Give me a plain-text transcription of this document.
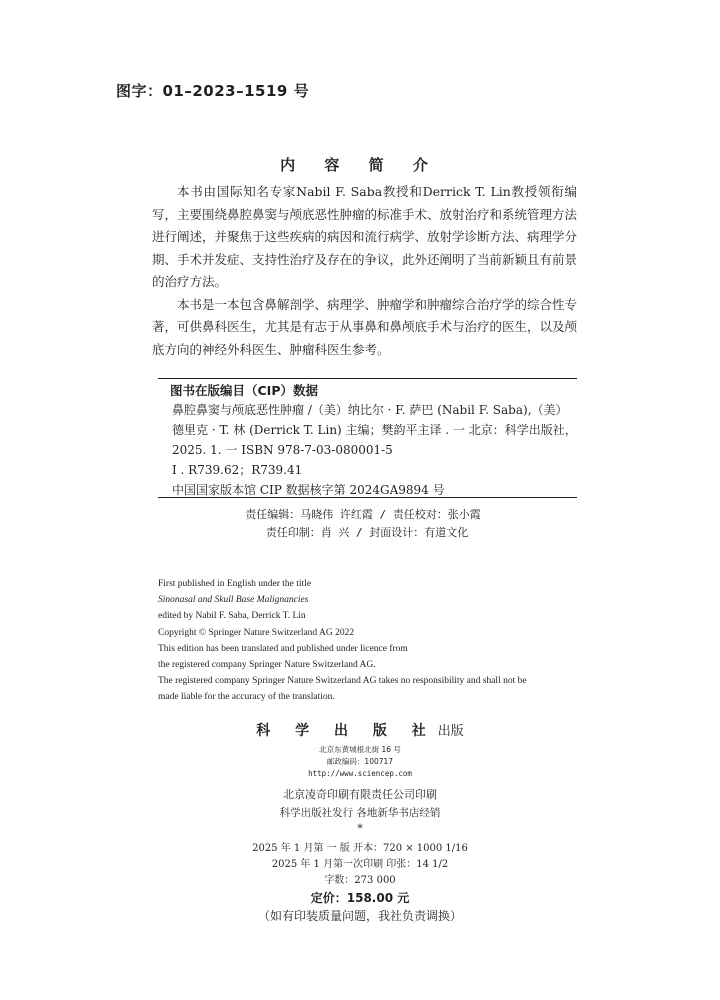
图字：01–2023–1519 号
内 容 简 介

本书由国际知名专家Nabil F. Saba教授和Derrick T. Lin教授领衔编写，主要围绕鼻腔鼻窦与颅底恶性肿瘤的标准手术、放射治疗和系统管理方法进行阐述，并聚焦于这些疾病的病因和流行病学、放射学诊断方法、病理学分期、手术并发症、支持性治疗及存在的争议，此外还阐明了当前新颖且有前景的治疗方法。

本书是一本包含鼻解剖学、病理学、肿瘤学和肿瘤综合治疗学的综合性专著，可供鼻科医生，尤其是有志于从事鼻和鼻颅底手术与治疗的医生，以及颅底方向的神经外科医生、肿瘤科医生参考。

图书在版编目（CIP）数据
鼻腔鼻窦与颅底恶性肿瘤 /（美）纳比尔 · F. 萨巴 (Nabil F. Saba),（美）
德里克 · T. 林 (Derrick T. Lin) 主编；樊韵平主译 . 一 北京：科学出版社，
2025. 1. 一 ISBN 978-7-03-080001-5
Ⅰ . R739.62；R739.41
中国国家版本馆 CIP 数据核字第 2024GA9894 号
责任编辑：马晓伟 许红霞 / 责任校对：张小霞
责任印制：肖 兴 / 封面设计：有道文化
First published in English under the title
Sinonasal and Skull Base Malignancies
edited by Nabil F. Saba, Derrick T. Lin
Copyright © Springer Nature Switzerland AG 2022
This edition has been translated and published under licence from
the registered company Springer Nature Switzerland AG.
The registered company Springer Nature Switzerland AG takes no responsibility and shall not be
made liable for the accuracy of the translation.
科 学 出 版 社 出版
北京东黄城根北街 16 号
邮政编码：100717
http://www.sciencep.com
北京凌奇印刷有限责任公司印刷
科学出版社发行 各地新华书店经销
*
2025 年 1 月第 一 版 开本：720 × 1000 1/16
2025 年 1 月第一次印刷 印张：14 1/2
字数：273 000
定价：158.00 元
（如有印装质量问题，我社负责调换）
